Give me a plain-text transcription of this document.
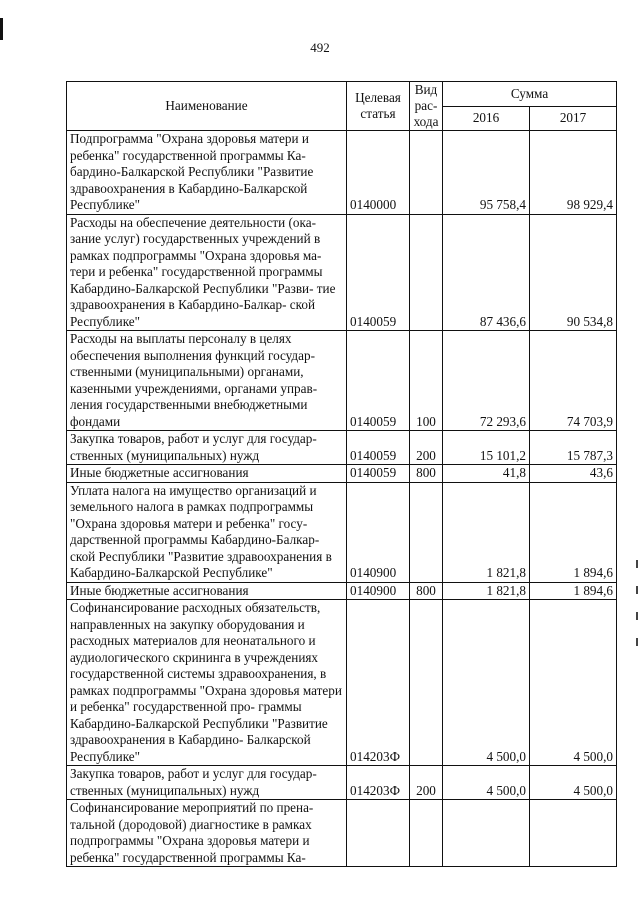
492
Наименование	Целевая статья	Вид рас- хода	Сумма	
			2016	2017
Подпрограмма "Охрана здоровья матери и ребенка" государственной программы Ка- бардино-Балкарской Республики "Развитие здравоохранения в Кабардино-Балкарской Республике"	0140000		95 758,4	98 929,4
Расходы на обеспечение деятельности (ока- зание услуг) государственных учреждений в рамках подпрограммы "Охрана здоровья ма- тери и ребенка" государственной программы Кабардино-Балкарской Республики "Разви- тие здравоохранения в Кабардино-Балкар- ской Республике"	0140059		87 436,6	90 534,8
Расходы на выплаты персоналу в целях обеспечения выполнения функций государ- ственными (муниципальными) органами, казенными учреждениями, органами управ- ления государственными внебюджетными фондами	0140059	100	72 293,6	74 703,9
Закупка товаров, работ и услуг для государ- ственных (муниципальных) нужд	0140059	200	15 101,2	15 787,3
Иные бюджетные ассигнования	0140059	800	41,8	43,6
Уплата налога на имущество организаций и земельного налога в рамках подпрограммы "Охрана здоровья матери и ребенка" госу- дарственной программы Кабардино-Балкар- ской Республики "Развитие здравоохранения в Кабардино-Балкарской Республике"	0140900		1 821,8	1 894,6
Иные бюджетные ассигнования	0140900	800	1 821,8	1 894,6
Софинансирование расходных обязательств, направленных на закупку оборудования и расходных материалов для неонатального и аудиологического скрининга в учреждениях государственной системы здравоохранения, в рамках подпрограммы "Охрана здоровья матери и ребенка" государственной про- граммы Кабардино-Балкарской Республики "Развитие здравоохранения в Кабардино- Балкарской Республике"	014203Ф		4 500,0	4 500,0
Закупка товаров, работ и услуг для государ- ственных (муниципальных) нужд	014203Ф	200	4 500,0	4 500,0
Софинансирование мероприятий по прена- тальной (дородовой) диагностике в рамках подпрограммы "Охрана здоровья матери и ребенка" государственной программы Ка-				
